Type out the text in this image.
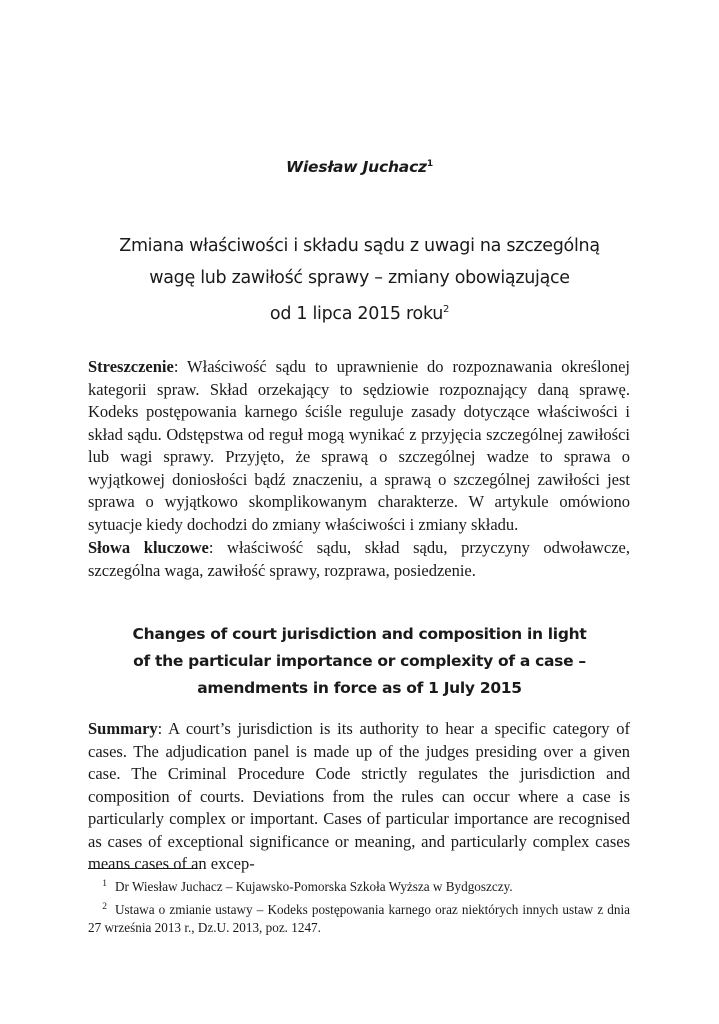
Wiesław Juchacz$^1$
Zmiana właściwości i składu sądu z uwagi na szczególną
wagę lub zawiłość sprawy – zmiany obowiązujące
od 1 lipca 2015 roku$^2$
Streszczenie: Właściwość sądu to uprawnienie do rozpoznawania określonej kategorii spraw. Skład orzekający to sędziowie rozpoznający daną sprawę. Kodeks postępowania karnego ściśle reguluje zasady dotyczące właściwości i skład sądu. Odstępstwa od reguł mogą wynikać z przyjęcia szczególnej zawiłości lub wagi sprawy. Przyjęto, że sprawą o szczególnej wadze to sprawa o wyjątkowej doniosłości bądź znaczeniu, a sprawą o szczególnej zawiłości jest sprawa o wyjątkowo skomplikowanym charakterze. W artykule omówiono sytuacje kiedy dochodzi do zmiany właściwości i zmiany składu.
Słowa kluczowe: właściwość sądu, skład sądu, przyczyny odwoławcze, szczególna waga, zawiłość sprawy, rozprawa, posiedzenie.
Changes of court jurisdiction and composition in light
of the particular importance or complexity of a case –
amendments in force as of 1 July 2015
Summary: A court’s jurisdiction is its authority to hear a specific category of cases. The adjudication panel is made up of the judges presiding over a given case. The Criminal Procedure Code strictly regulates the jurisdiction and composition of courts. Deviations from the rules can occur where a case is particularly complex or important. Cases of particular importance are recognised as cases of exceptional significance or meaning, and particularly complex cases means cases of an excep-
1 Dr Wiesław Juchacz – Kujawsko-Pomorska Szkoła Wyższa w Bydgoszczy.
2 Ustawa o zmianie ustawy – Kodeks postępowania karnego oraz niektórych innych ustaw z dnia 27 września 2013 r., Dz.U. 2013, poz. 1247.
